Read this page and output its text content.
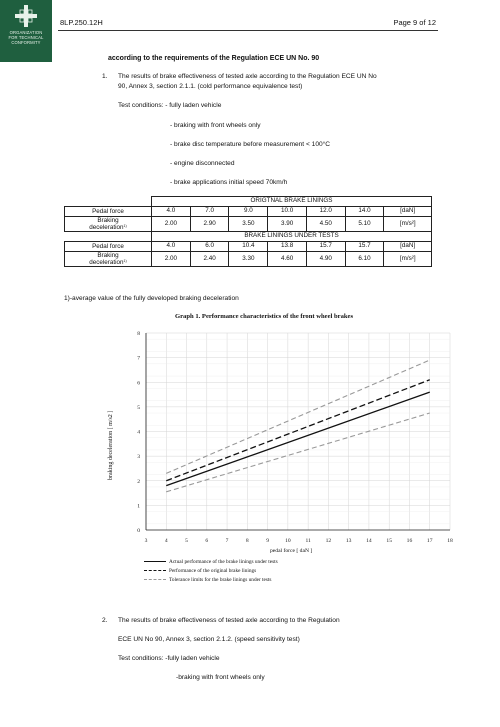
ORGANIZATION
FOR TECHNICAL
CONFORMITY
8LP.250.12H	Page 9 of 12
according to the requirements of the Regulation ECE UN No. 90
1. The results of brake effectiveness of tested axle according to the Regulation ECE UN No
90, Annex 3, section 2.1.1. (cold performance equivalence test)
Test conditions: - fully laden vehicle
- braking with front wheels only
- brake disc temperature before measurement < 100°C
- engine disconnected
- brake applications initial speed 70km/h
	ORIGTNAL BRAKE LININGS						
Pedal force	4.0	7.0	9.0	10.0	12.0	14.0	[daN]

Braking
deceleration$^{1)}$	2.00	2.90	3.50	3.90	4.50	5.10	[m/s²]
	BRAKE LININGS UNDER TESTS						
Pedal force	4.0	6.0	10.4	13.8	15.7	15.7	[daN]

Braking
deceleration$^{1)}$	2.00	2.40	3.30	4.60	4.90	6.10	[m/s²]
1)-average value of the fully developed braking deceleration
Graph 1. Performance characteristics of the front wheel brakes
braking deceleration [ m/s2 ]
3	4	5	6	7	8	9	10	11	12	13	14	15	16	17	18
0
1
2
3
4
5
6
7
8
pedal force [ daN ]
Actual performance of the brake linings under tests
Performance of the original brake linings
Tolerance limits for the brake linings under tests
2. The results of brake effectiveness of tested axle according to the Regulation
ECE UN No 90, Annex 3, section 2.1.2. (speed sensitivity test)
Test conditions: -fully laden vehicle
-braking with front wheels only
